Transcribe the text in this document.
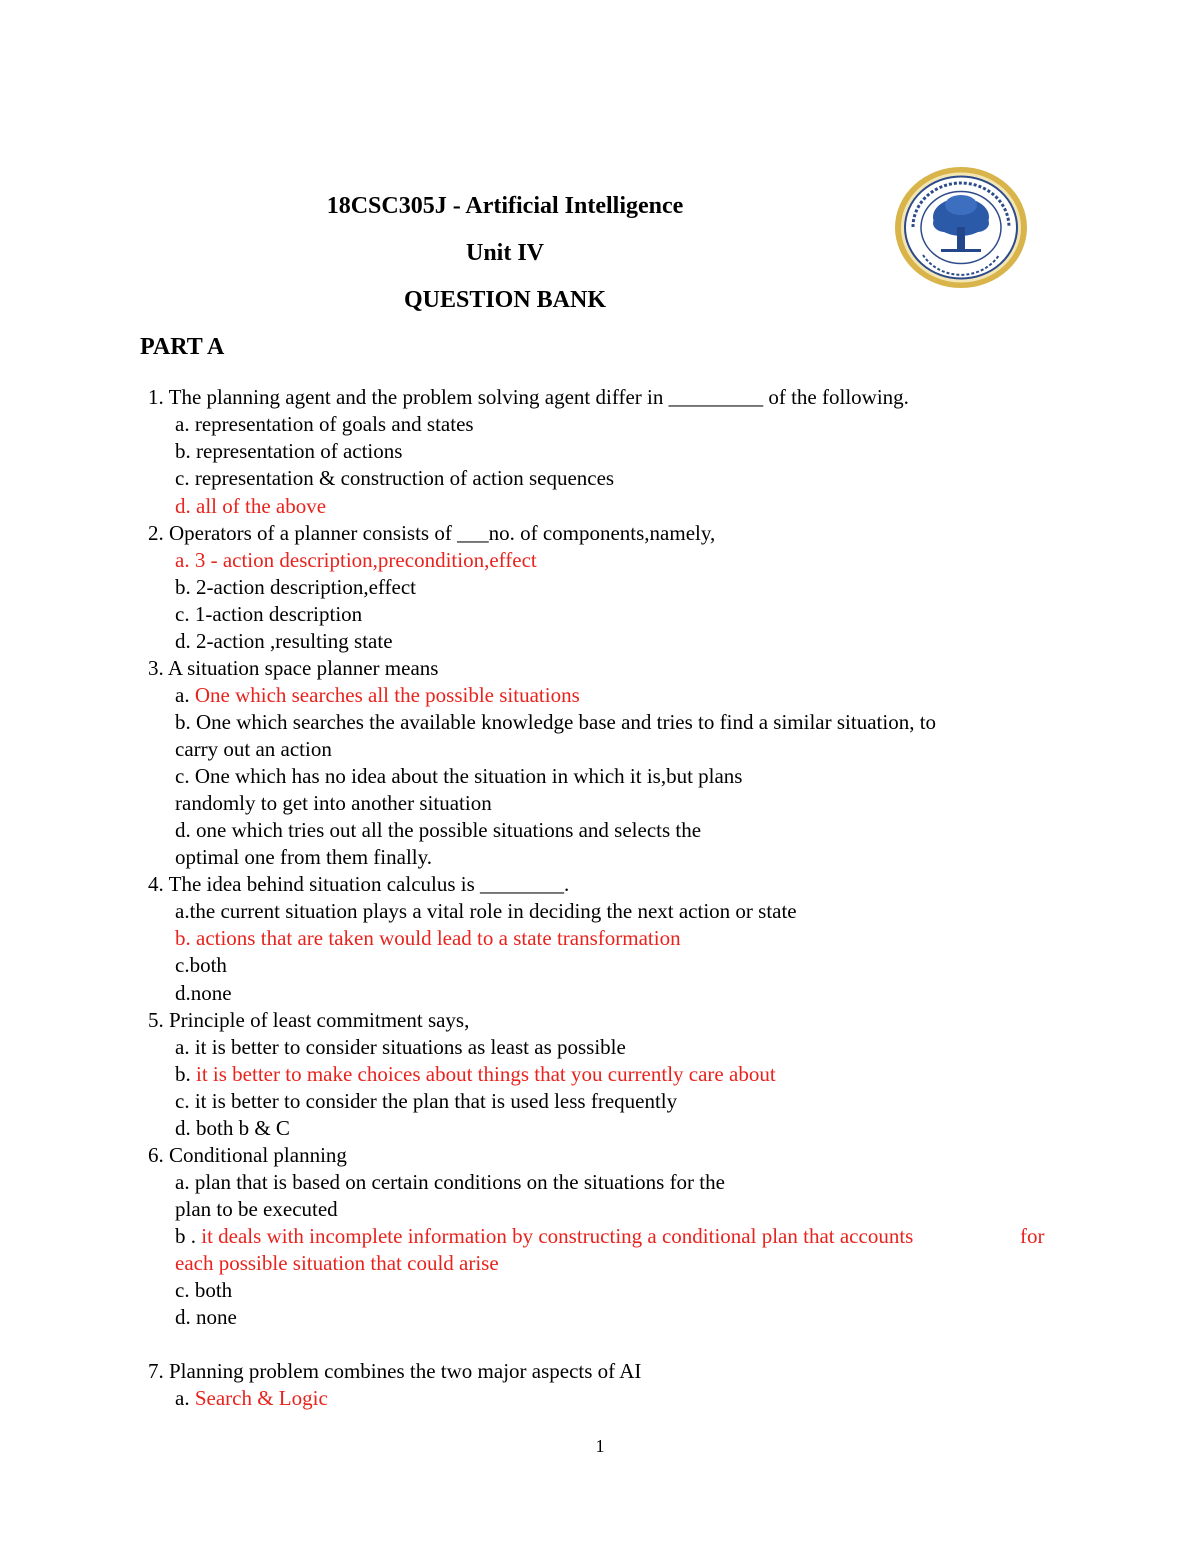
18CSC305J - Artificial Intelligence
Unit IV
QUESTION BANK
PART A
1. The planning agent and the problem solving agent differ in _________ of the following.
a. representation of goals and states
b. representation of actions
c. representation & construction of action sequences
d. all of the above
2. Operators of a planner consists of ___no. of components,namely,
a. 3 - action description,precondition,effect
b. 2-action description,effect
c. 1-action description
d. 2-action ,resulting state
3. A situation space planner means
a. One which searches all the possible situations
b. One which searches the available knowledge base and tries to find a similar situation, to
carry out an action
c. One which has no idea about the situation in which it is,but plans
randomly to get into another situation
d. one which tries out all the possible situations and selects the
optimal one from them finally.
4. The idea behind situation calculus is ________.
a.the current situation plays a vital role in deciding the next action or state
b. actions that are taken would lead to a state transformation
c.both
d.none
5. Principle of least commitment says,
a. it is better to consider situations as least as possible
b. it is better to make choices about things that you currently care about
c. it is better to consider the plan that is used less frequently
d. both b & C
6. Conditional planning
a. plan that is based on certain conditions on the situations for the
plan to be executed
b . it deals with incomplete information by constructing a conditional plan that accounts	for
each possible situation that could arise
c. both
d. none
7. Planning problem combines the two major aspects of AI
a. Search & Logic
1
